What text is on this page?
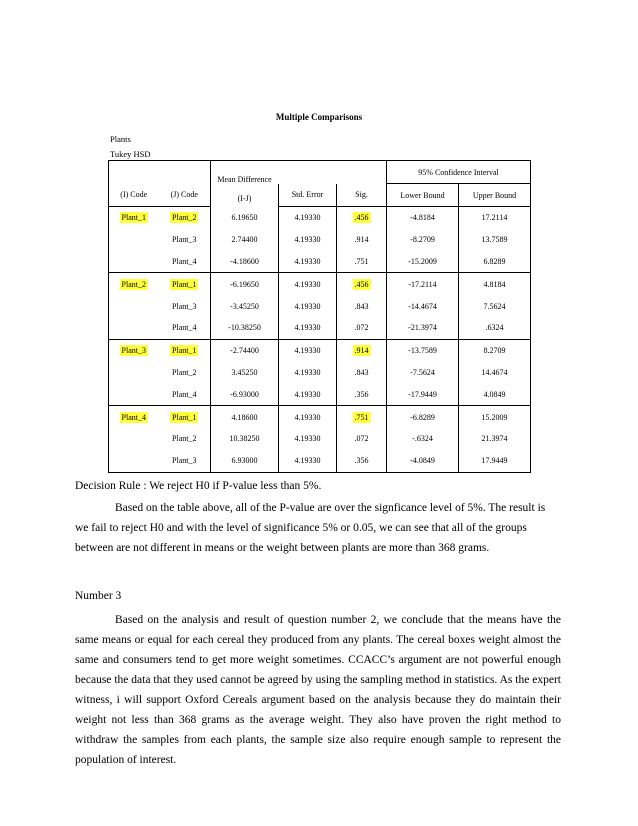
Multiple Comparisons
Plants
Tukey HSD

		Mean Difference
(I-J)			95% Confidence Interval	
(I) Code	(J) Code		Std. Error	Sig.	Lower Bound	Upper Bound
Plant_1	Plant_2	6.19650	4.19330	.456	-4.8184	17.2114
	Plant_3	2.74400	4.19330	.914	-8.2709	13.7589
	Plant_4	-4.18600	4.19330	.751	-15.2009	6.8289
Plant_2	Plant_1	-6.19650	4.19330	.456	-17.2114	4.8184
	Plant_3	-3.45250	4.19330	.843	-14.4674	7.5624
	Plant_4	-10.38250	4.19330	.072	-21.3974	.6324
Plant_3	Plant_1	-2.74400	4.19330	.914	-13.7589	8.2709
	Plant_2	3.45250	4.19330	.843	-7.5624	14.4674
	Plant_4	-6.93000	4.19330	.356	-17.9449	4.0849
Plant_4	Plant_1	4.18600	4.19330	.751	-6.8289	15.2009
	Plant_2	10.38250	4.19330	.072	-.6324	21.3974
	Plant_3	6.93000	4.19330	.356	-4.0849	17.9449

Decision Rule : We reject H0 if P-value less than 5%.

Based on the table above, all of the P-value are over the signficance level of 5%. The result is we fail to reject H0 and with the level of significance 5% or 0.05, we can see that all of the groups between are not different in means or the weight between plants are more than 368 grams.

Number 3

Based on the analysis and result of question number 2, we conclude that the means have the same means or equal for each cereal they produced from any plants. The cereal boxes weight almost the same and consumers tend to get more weight sometimes. CCACC’s argument are not powerful enough because the data that they used cannot be agreed by using the sampling method in statistics. As the expert witness, i will support Oxford Cereals argument based on the analysis because they do maintain their weight not less than 368 grams as the average weight. They also have proven the right method to withdraw the samples from each plants, the sample size also require enough sample to represent the population of interest.
